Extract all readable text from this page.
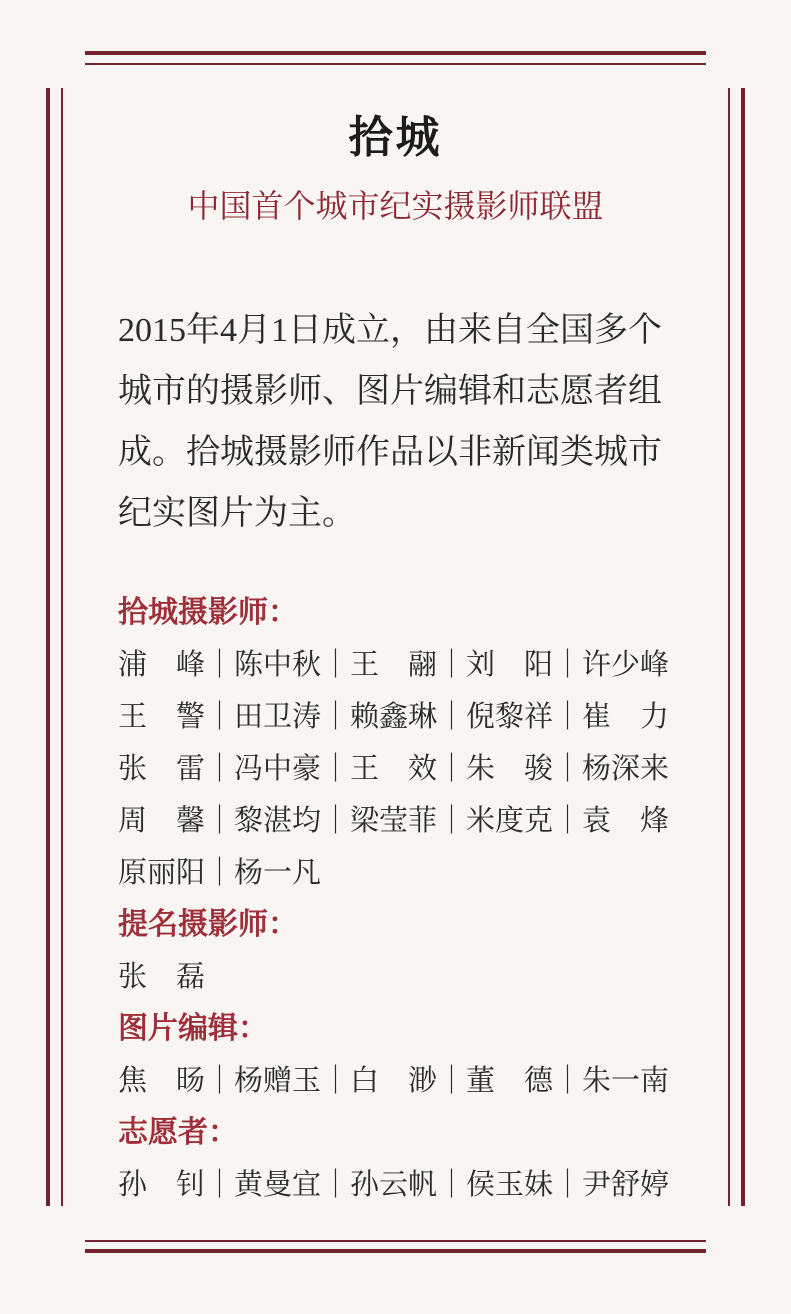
拾城
中国首个城市纪实摄影师联盟
2015年4月1日成立，由来自全国多个
城市的摄影师、图片编辑和志愿者组
成。拾城摄影师作品以非新闻类城市
纪实图片为主。
拾城摄影师：
浦　峰｜陈中秋｜王　翮｜刘　阳｜许少峰
王　警｜田卫涛｜赖鑫琳｜倪黎祥｜崔　力
张　雷｜冯中豪｜王　效｜朱　骏｜杨深来
周　馨｜黎湛均｜梁莹菲｜米度克｜袁　烽
原丽阳｜杨一凡
提名摄影师：
张　磊
图片编辑：
焦　旸｜杨赠玉｜白　渺｜董　德｜朱一南
志愿者：
孙　钊｜黄曼宜｜孙云帆｜侯玉妹｜尹舒婷
